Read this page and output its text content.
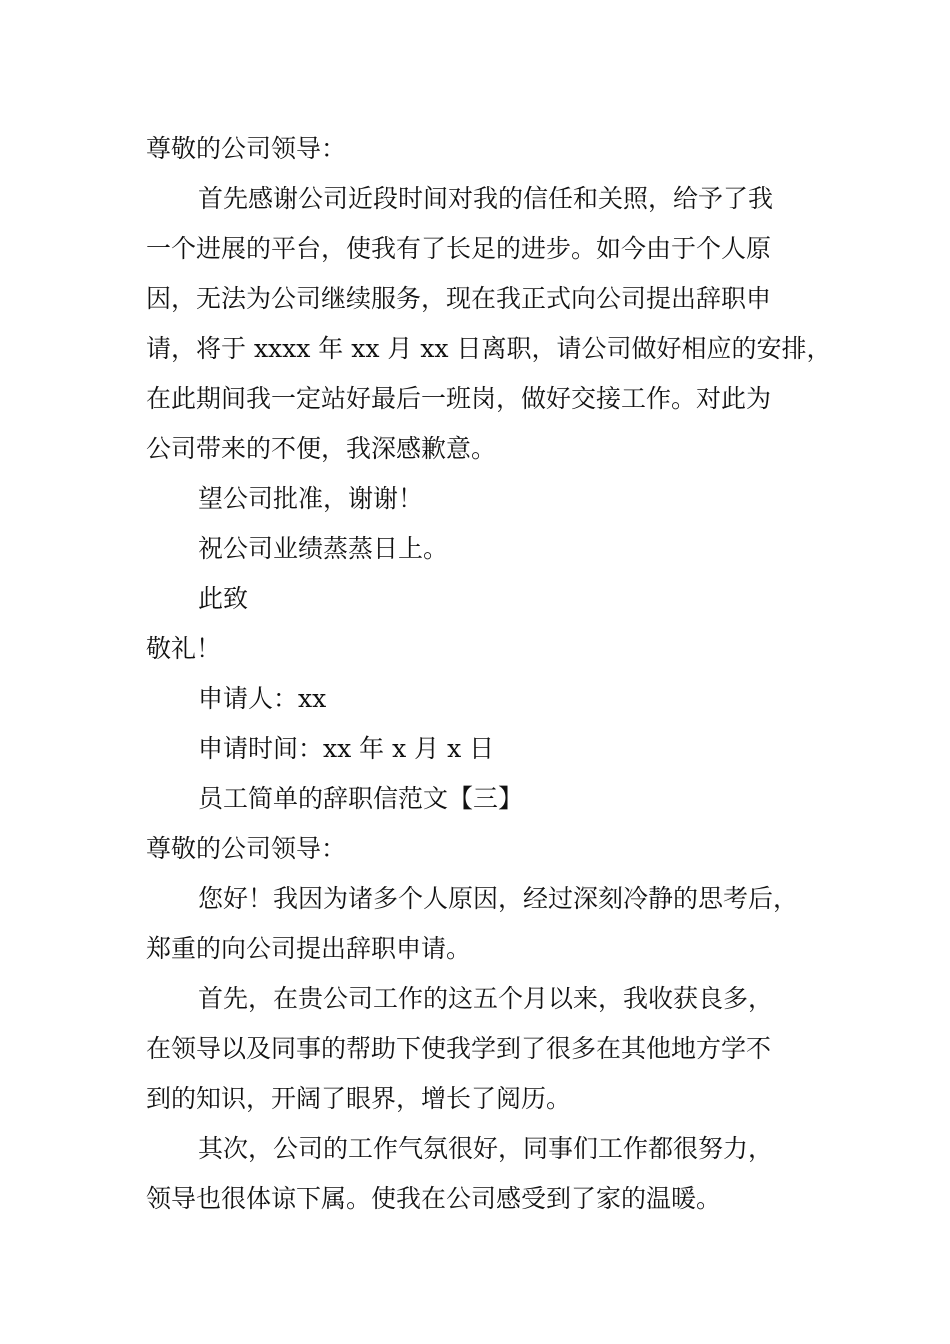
尊敬的公司领导：

首先感谢公司近段时间对我的信任和关照，给予了我
一个进展的平台，使我有了长足的进步。如今由于个人原
因，无法为公司继续服务，现在我正式向公司提出辞职申
请，将于 xxxx 年 xx 月 xx 日离职，请公司做好相应的安排，
在此期间我一定站好最后一班岗，做好交接工作。对此为
公司带来的不便，我深感歉意。

望公司批准，谢谢！

祝公司业绩蒸蒸日上。

此致

敬礼！

申请人：xx

申请时间：xx 年 x 月 x 日

员工简单的辞职信范文【三】

尊敬的公司领导：

您好！我因为诸多个人原因，经过深刻冷静的思考后，
郑重的向公司提出辞职申请。

首先，在贵公司工作的这五个月以来，我收获良多，
在领导以及同事的帮助下使我学到了很多在其他地方学不
到的知识，开阔了眼界，增长了阅历。

其次，公司的工作气氛很好，同事们工作都很努力，
领导也很体谅下属。使我在公司感受到了家的温暖。
